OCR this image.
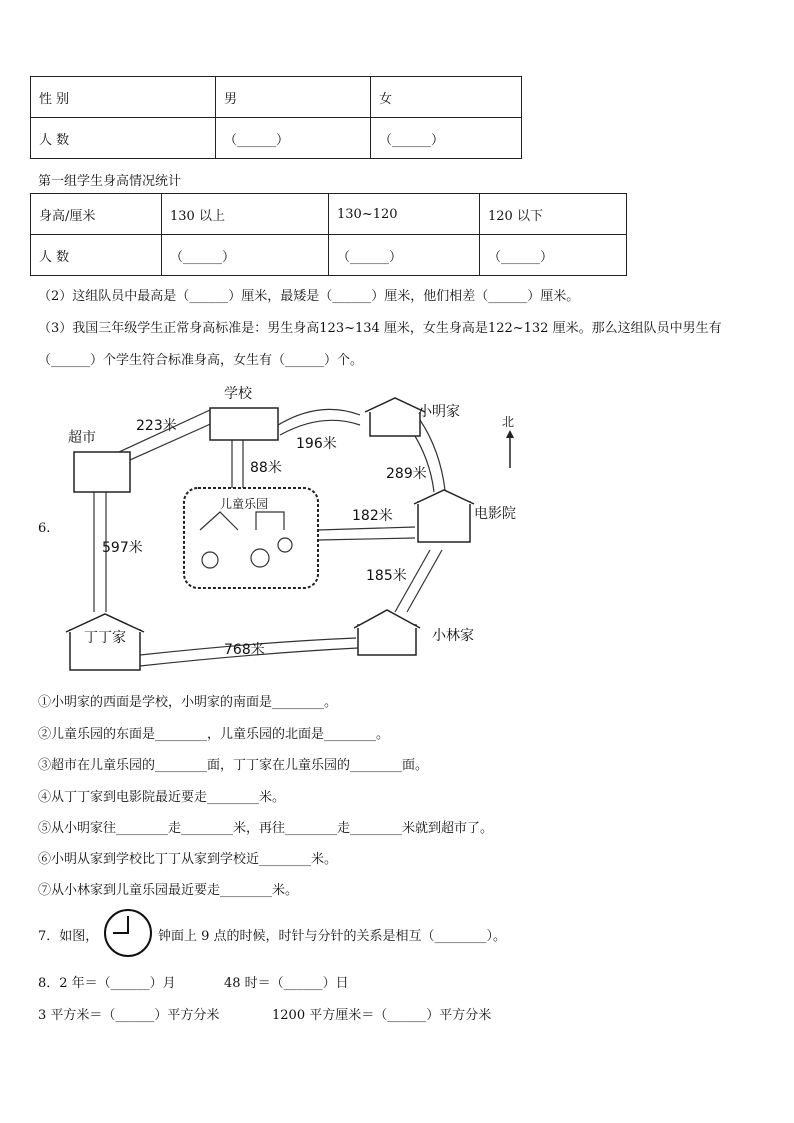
性 别	男	女
人 数	（______）	（______）
第一组学生身高情况统计
身高/厘米	130 以上	130~120	120 以下
人 数	（______）	（______）	（______）
（2）这组队员中最高是（______）厘米，最矮是（______）厘米，他们相差（______）厘米。
（3）我国三年级学生正常身高标准是：男生身高123~134 厘米，女生身高是122~132 厘米。那么这组队员中男生有
（______）个学生符合标准身高，女生有（______）个。
6.
学校
小明家
超市
电影院
儿童乐园
丁丁家	小林家
北
223米
196米
88米	289米
182米
597米
185米
768米
①小明家的西面是学校，小明家的南面是________。
②儿童乐园的东面是________，儿童乐园的北面是________。
③超市在儿童乐园的________面，丁丁家在儿童乐园的________面。
④从丁丁家到电影院最近要走________米。
⑤从小明家往________走________米，再往________走________米就到超市了。
⑥小明从家到学校比丁丁从家到学校近________米。
⑦从小林家到儿童乐园最近要走________米。
7．如图，	钟面上 9 点的时候，时针与分针的关系是相互（________）。
8．2 年＝（______）月	48 时＝（______）日
3 平方米＝（______）平方分米	1200 平方厘米＝（______）平方分米
